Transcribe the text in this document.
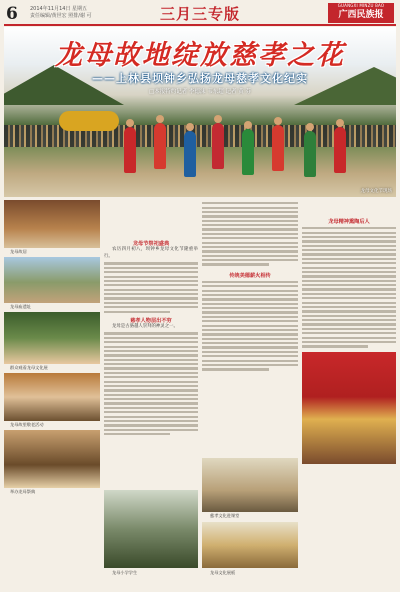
6 2014年11月14日 星期五
责任编辑/黄世宏 照排/谢 可	三月三专版	GUANGXI MINZU BAO
广西民族报
龙母故地绽放慈孝之花
——上林县坝钟乡弘扬龙母慈孝文化纪实
□本报特约记者 李德沫 韦东超 记者 黄 芬
龙母文化节现场
龙母故居
龙母庙遗址
群众观看龙母文化展
龙母故里敬老活动
举办龙母祭典
龙母节祭祀盛典
农历四月初八，坝钟乡龙母文化节隆重举行。
慈孝人物层出不穷
龙母是古骆越人崇拜的神灵之一。
传统美德薪火相传
龙母精神熏陶后人
慈孝文化进课堂
龙母小学学生	龙母文化展板
